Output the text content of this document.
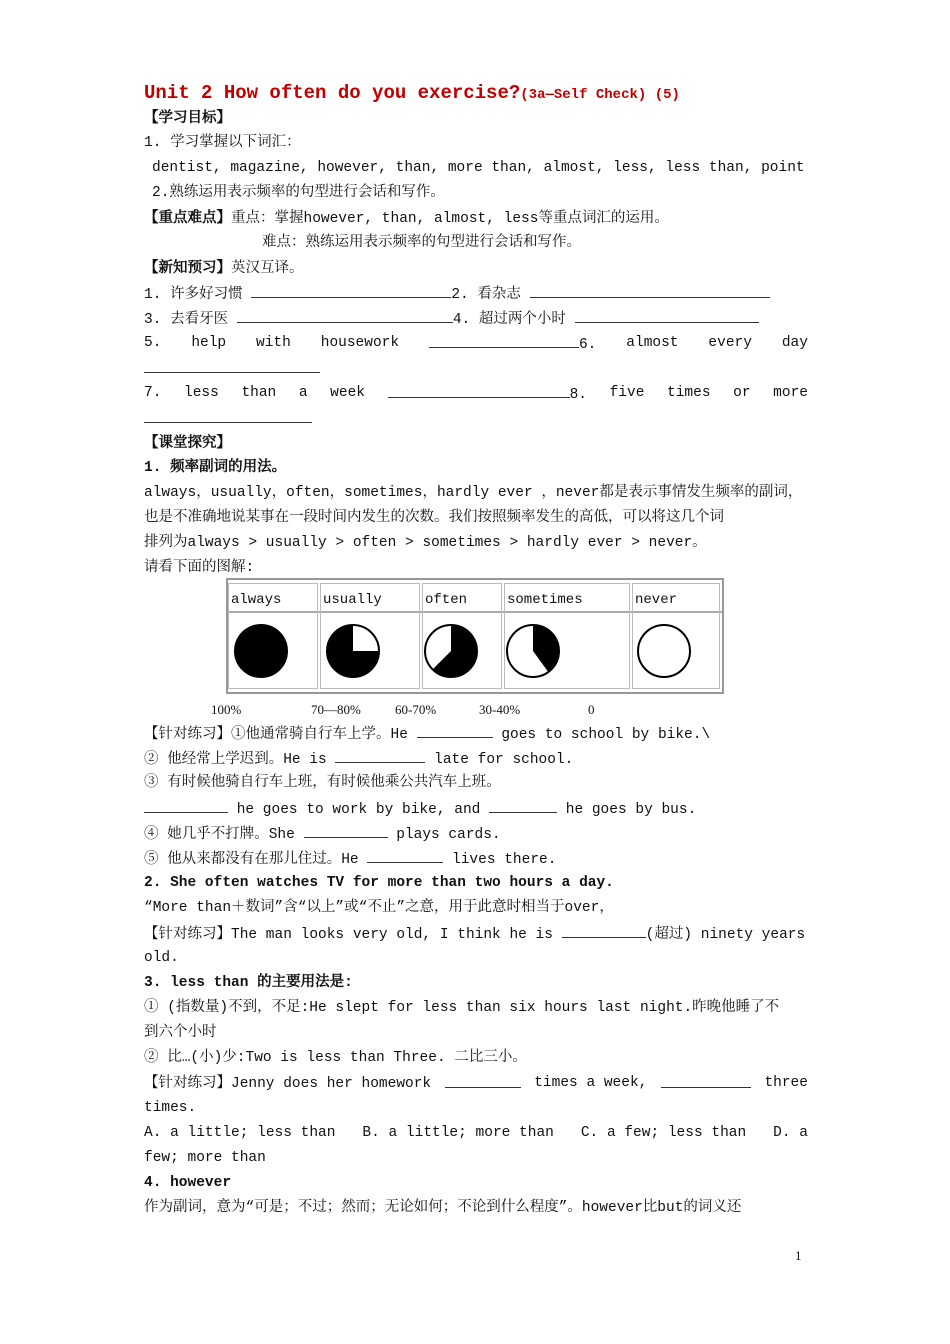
Unit 2 How often do you exercise?(3a—Self Check) (5)
【学习目标】
1. 学习掌握以下词汇：
dentist, magazine, however, than, more than, almost, less, less than, point
2.熟练运用表示频率的句型进行会话和写作。
【重点难点】重点：掌握however, than, almost, less等重点词汇的运用。
难点：熟练运用表示频率的句型进行会话和写作。
【新知预习】英汉互译。
1. 许多好习惯	2. 看杂志
3. 去看牙医	4. 超过两个小时
5. help with housework	6. almost every day
7. less than a week	8. five times or more
【课堂探究】
1. 频率副词的用法。
always，usually，often，sometimes，hardly ever ，never都是表示事情发生频率的副词，
也是不准确地说某事在一段时间内发生的次数。我们按照频率发生的高低，可以将这几个词
排列为always > usually > often > sometimes > hardly ever > never。
请看下面的图解:
always	usually	often	sometimes	never
100%	70—80%	60-70%	30-40%	0
【针对练习】①他通常骑自行车上学。He	goes to school by bike.\
② 他经常上学迟到。He is	late for school.
③ 有时候他骑自行车上班，有时候他乘公共汽车上班。
he goes to work by bike, and	he goes by bus.
④ 她几乎不打牌。She	plays cards.
⑤ 他从来都没有在那儿住过。He	lives there.
2. She often watches TV for more than two hours a day.
“More than＋数词”含“以上”或“不止”之意，用于此意时相当于over，
【针对练习】The man looks very old, I think he is	(超过) ninety years
old.
3. less than 的主要用法是:
① (指数量)不到，不足:He slept for less than six hours last night.昨晚他睡了不
到六个小时
② 比…(小)少:Two is less than Three. 二比三小。
【针对练习】Jenny does her homework	times a week,	three
times.
A. a little; less than B. a little; more than C. a few; less than D. a
few; more than
4. however
作为副词，意为“可是；不过；然而；无论如何；不论到什么程度”。however比but的词义还
1
